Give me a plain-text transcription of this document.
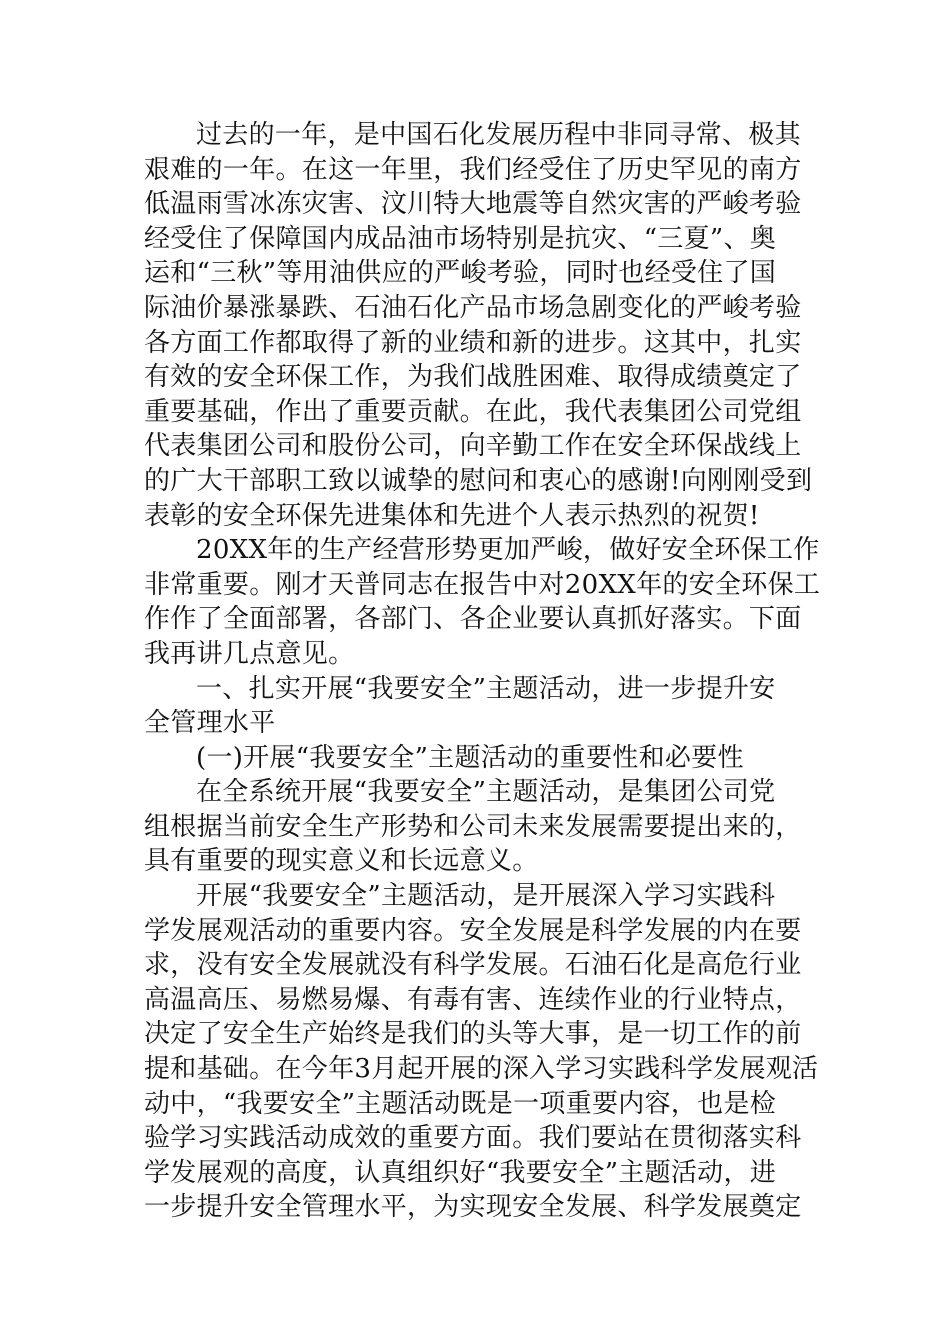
过去的一年，是中国石化发展历程中非同寻常、极其
艰难的一年。在这一年里，我们经受住了历史罕见的南方
低温雨雪冰冻灾害、汶川特大地震等自然灾害的严峻考验
经受住了保障国内成品油市场特别是抗灾、“三夏”、奥
运和“三秋”等用油供应的严峻考验，同时也经受住了国
际油价暴涨暴跌、石油石化产品市场急剧变化的严峻考验
各方面工作都取得了新的业绩和新的进步。这其中，扎实
有效的安全环保工作，为我们战胜困难、取得成绩奠定了
重要基础，作出了重要贡献。在此，我代表集团公司党组
代表集团公司和股份公司，向辛勤工作在安全环保战线上
的广大干部职工致以诚挚的慰问和衷心的感谢!向刚刚受到
表彰的安全环保先进集体和先进个人表示热烈的祝贺!
20XX年的生产经营形势更加严峻，做好安全环保工作
非常重要。刚才天普同志在报告中对20XX年的安全环保工
作作了全面部署，各部门、各企业要认真抓好落实。下面
我再讲几点意见。
一、扎实开展“我要安全”主题活动，进一步提升安
全管理水平
(一)开展“我要安全”主题活动的重要性和必要性
在全系统开展“我要安全”主题活动，是集团公司党
组根据当前安全生产形势和公司未来发展需要提出来的，
具有重要的现实意义和长远意义。
开展“我要安全”主题活动，是开展深入学习实践科
学发展观活动的重要内容。安全发展是科学发展的内在要
求，没有安全发展就没有科学发展。石油石化是高危行业
高温高压、易燃易爆、有毒有害、连续作业的行业特点，
决定了安全生产始终是我们的头等大事，是一切工作的前
提和基础。在今年3月起开展的深入学习实践科学发展观活
动中，“我要安全”主题活动既是一项重要内容，也是检
验学习实践活动成效的重要方面。我们要站在贯彻落实科
学发展观的高度，认真组织好“我要安全”主题活动，进
一步提升安全管理水平，为实现安全发展、科学发展奠定
